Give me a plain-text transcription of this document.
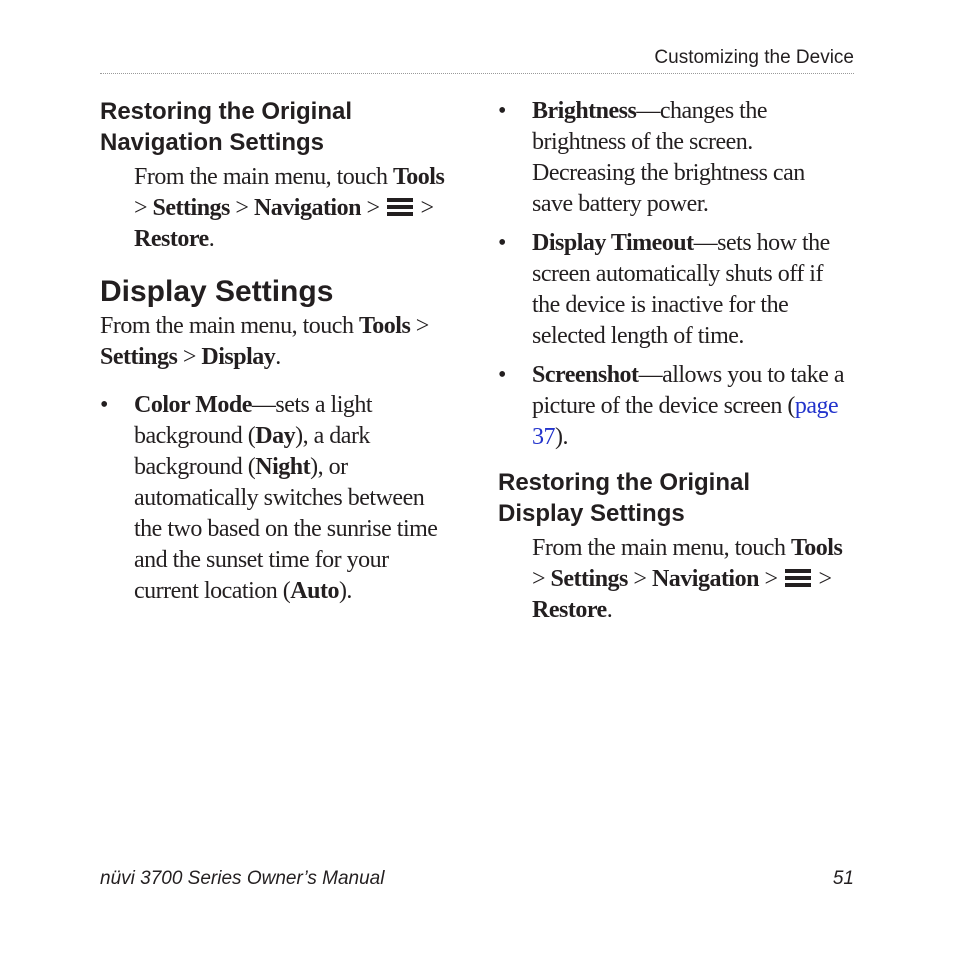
Customizing the Device
Restoring the Original
Navigation Settings

From the main menu, touch Tools > Settings > Navigation >
> Restore.

Display Settings

From the main menu, touch Tools > Settings > Display.

• Color Mode—sets a light background (Day), a dark background (Night), or automatically switches between the two based on the sunrise time and the sunset time for your current location (Auto).

• Brightness—changes the brightness of the screen. Decreasing the brightness can save battery power.

• Display Timeout—sets how the screen automatically shuts off if the device is inactive for the selected length of time.

• Screenshot—allows you to take a picture of the device screen (page 37).

Restoring the Original
Display Settings

From the main menu, touch Tools > Settings > Navigation >
> Restore.

nüvi 3700 Series Owner’s Manual	51
